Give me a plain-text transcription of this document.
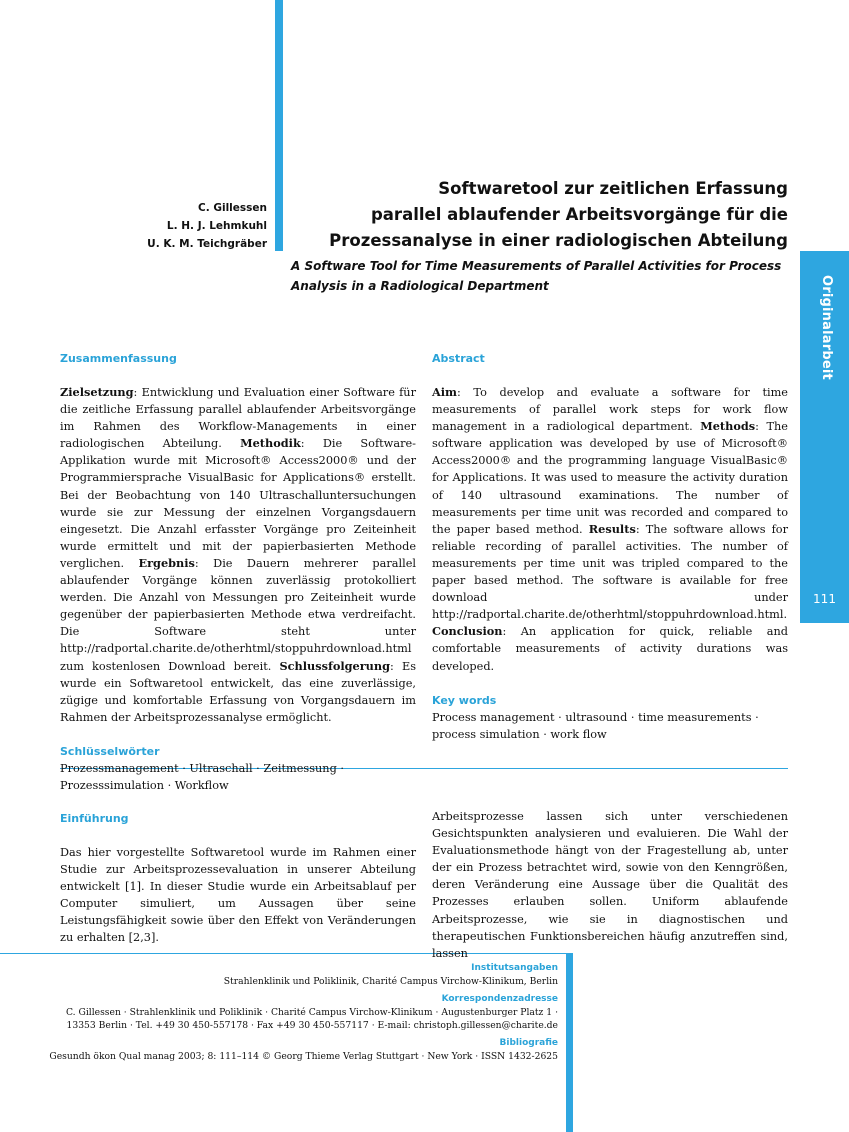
Originalarbeit
111
C. Gillessen
L. H. J. Lehmkuhl
U. K. M. Teichgräber
Softwaretool zur zeitlichen Erfassung
parallel ablaufender Arbeitsvorgänge für die
Prozessanalyse in einer radiologischen Abteilung

A Software Tool for Time Measurements of Parallel Activities for Process Analysis in a Radiological Department

Zusammenfassung

Zielsetzung: Entwicklung und Evaluation einer Software für die zeitliche Erfassung parallel ablaufender Arbeitsvorgänge im Rahmen des Workflow-Managements in einer radiologischen Abteilung. Methodik: Die Software-Applikation wurde mit Microsoft® Access2000® und der Programmiersprache VisualBasic for Applications® erstellt. Bei der Beobachtung von 140 Ultraschalluntersuchungen wurde sie zur Messung der einzelnen Vorgangsdauern eingesetzt. Die Anzahl erfasster Vorgänge pro Zeiteinheit wurde ermittelt und mit der papierbasierten Methode verglichen. Ergebnis: Die Dauern mehrerer parallel ablaufender Vorgänge können zuverlässig protokolliert werden. Die Anzahl von Messungen pro Zeiteinheit wurde gegenüber der papierbasierten Methode etwa verdreifacht. Die Software steht unter http://radportal.charite.de/otherhtml/stoppuhrdownload.html zum kostenlosen Download bereit. Schlussfolgerung: Es wurde ein Softwaretool entwickelt, das eine zuverlässige, zügige und komfortable Erfassung von Vorgangsdauern im Rahmen der Arbeitsprozessanalyse ermöglicht.

Schlüsselwörter

Prozessmanagement · Ultraschall · Zeitmessung · Prozesssimulation · Workflow

Abstract

Aim: To develop and evaluate a software for time measurements of parallel work steps for work flow management in a radiological department. Methods: The software application was developed by use of Microsoft® Access2000® and the programming language VisualBasic® for Applications. It was used to measure the activity duration of 140 ultrasound examinations. The number of measurements per time unit was recorded and compared to the paper based method. Results: The software allows for reliable recording of parallel activities. The number of measurements per time unit was tripled compared to the paper based method. The software is available for free download under http://radportal.charite.de/otherhtml/stoppuhrdownload.html. Conclusion: An application for quick, reliable and comfortable measurements of activity durations was developed.

Key words

Process management · ultrasound · time measurements · process simulation · work flow

Einführung

Das hier vorgestellte Softwaretool wurde im Rahmen einer Studie zur Arbeitsprozessevaluation in unserer Abteilung entwickelt [1]. In dieser Studie wurde ein Arbeitsablauf per Computer simuliert, um Aussagen über seine Leistungsfähigkeit sowie über den Effekt von Veränderungen zu erhalten [2,3].

Arbeitsprozesse lassen sich unter verschiedenen Gesichtspunkten analysieren und evaluieren. Die Wahl der Evaluationsmethode hängt von der Fragestellung ab, unter der ein Prozess betrachtet wird, sowie von den Kenngrößen, deren Veränderung eine Aussage über die Qualität des Prozesses erlauben sollen. Uniform ablaufende Arbeitsprozesse, wie sie in diagnostischen und therapeutischen Funktionsbereichen häufig anzutreffen sind, lassen

Institutsangaben
Strahlenklinik und Poliklinik, Charité Campus Virchow-Klinikum, Berlin
Korrespondenzadresse
C. Gillessen · Strahlenklinik und Poliklinik · Charité Campus Virchow-Klinikum · Augustenburger Platz 1 ·
13353 Berlin · Tel. +49 30 450-557178 · Fax +49 30 450-557117 · E-mail: christoph.gillessen@charite.de
Bibliografie
Gesundh ökon Qual manag 2003; 8: 111–114 © Georg Thieme Verlag Stuttgart · New York · ISSN 1432-2625
